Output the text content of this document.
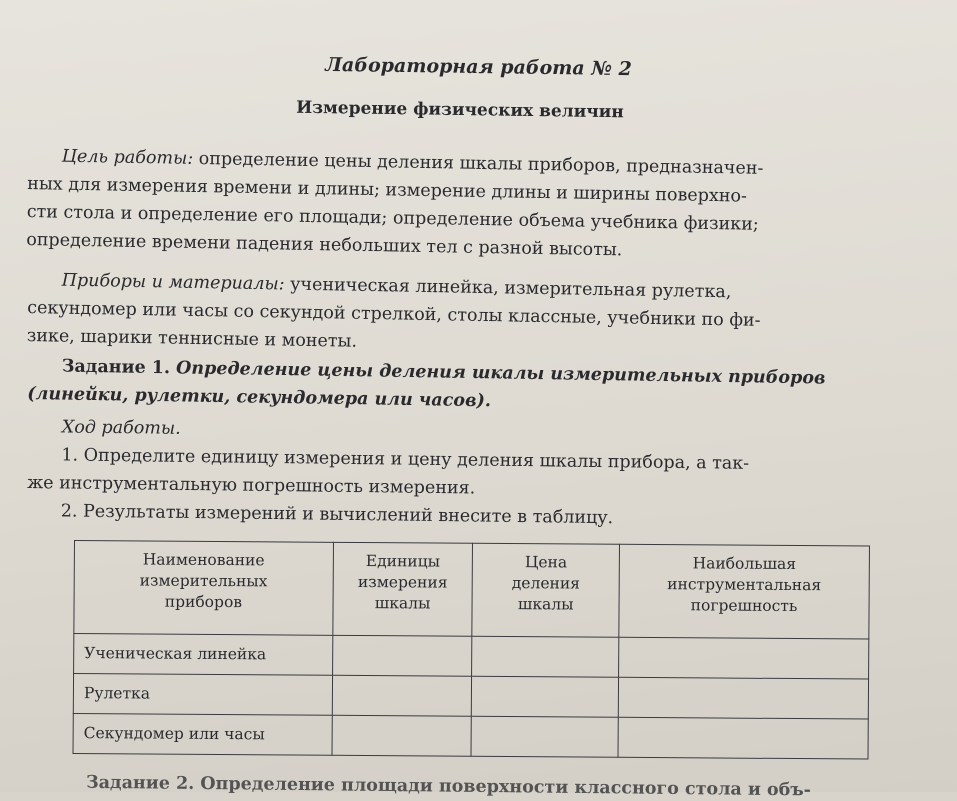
Лабораторная работа № 2
Измерение физических величин
Цель работы: определение цены деления шкалы приборов, предназначен-
ных для измерения времени и длины; измерение длины и ширины поверхно-
сти стола и определение его площади; определение объема учебника физики;
определение времени падения небольших тел с разной высоты.
Приборы и материалы: ученическая линейка, измерительная рулетка,
секундомер или часы со секундой стрелкой, столы классные, учебники по фи-
зике, шарики теннисные и монеты.
Задание 1. Определение цены деления шкалы измерительных приборов
(линейки, рулетки, секундомера или часов).
Ход работы.
1. Определите единицу измерения и цену деления шкалы прибора, а так-
же инструментальную погрешность измерения.
2. Результаты измерений и вычислений внесите в таблицу.
Наименование
измерительных
приборов	Единицы
измерения
шкалы	Цена
деления
шкалы	Наибольшая
инструментальная
погрешность
Ученическая линейка			
Рулетка			
Секундомер или часы			
Задание 2. Определение площади поверхности классного стола и объ-
